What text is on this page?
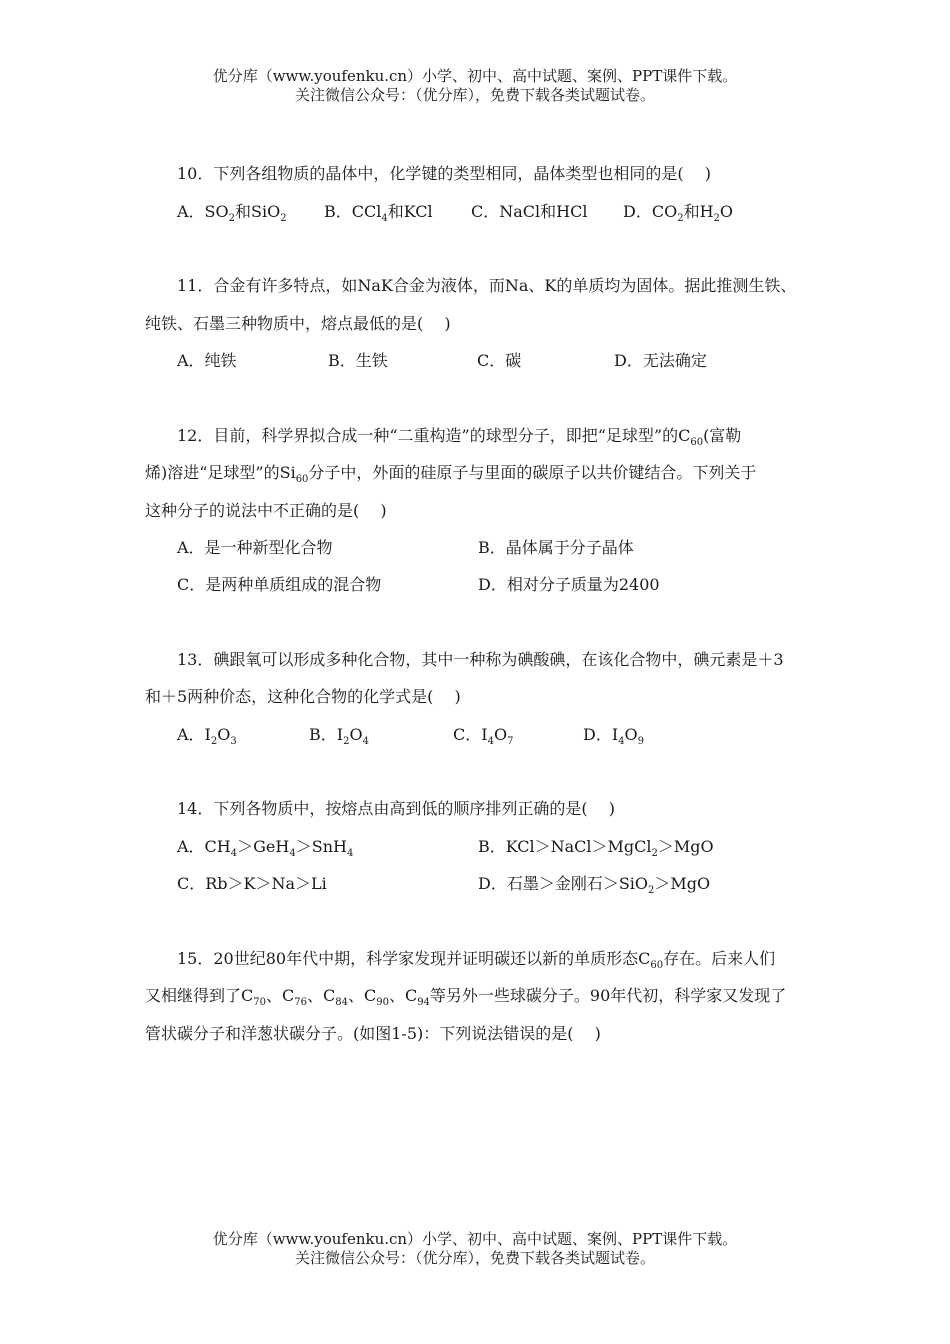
优分库（www.youfenku.cn）小学、初中、高中试题、案例、PPT课件下载。
关注微信公众号：（优分库），免费下载各类试题试卷。
10．下列各组物质的晶体中，化学键的类型相同，晶体类型也相同的是(　 )
A．$SO_2$和SiO$_2$ B．CCl$_4$和KCl C．NaCl和HCl D．$CO_2$和$H_2O$
11．合金有许多特点，如NaK合金为液体，而Na、K的单质均为固体。据此推测生铁、
纯铁、石墨三种物质中，熔点最低的是(　 )
A．纯铁	B．生铁	C．碳	D．无法确定
12．目前，科学界拟合成一种“二重构造”的球型分子，即把“足球型”的$C_{60}$(富勒
烯)溶进“足球型”的$Si_{60}$分子中，外面的硅原子与里面的碳原子以共价键结合。下列关于
这种分子的说法中不正确的是(　 )
A．是一种新型化合物	B．晶体属于分子晶体
C．是两种单质组成的混合物	D．相对分子质量为2400
13．碘跟氧可以形成多种化合物，其中一种称为碘酸碘，在该化合物中，碘元素是＋3
和＋5两种价态，这种化合物的化学式是(　 )
A．$I_2O_3$	B．$I_2O_4$	C．$I_4O_7$	D．$I_4O_9$
14．下列各物质中，按熔点由高到低的顺序排列正确的是(　 )
A．$CH_4>GeH_4>SnH_4$	B．KCl＞NaCl＞MgCl$_2$＞MgO
C．Rb＞K＞Na＞Li	D．石墨＞金刚石＞SiO$_2$＞MgO
15．20世纪80年代中期，科学家发现并证明碳还以新的单质形态$C_{60}$存在。后来人们
又相继得到了$C_{70}$、$C_{76}$、$C_{84}$、$C_{90}$、$C_{94}$等另外一些球碳分子。90年代初，科学家又发现了
管状碳分子和洋葱状碳分子。(如图1-5)：下列说法错误的是(　 )
优分库（www.youfenku.cn）小学、初中、高中试题、案例、PPT课件下载。
关注微信公众号：（优分库），免费下载各类试题试卷。
